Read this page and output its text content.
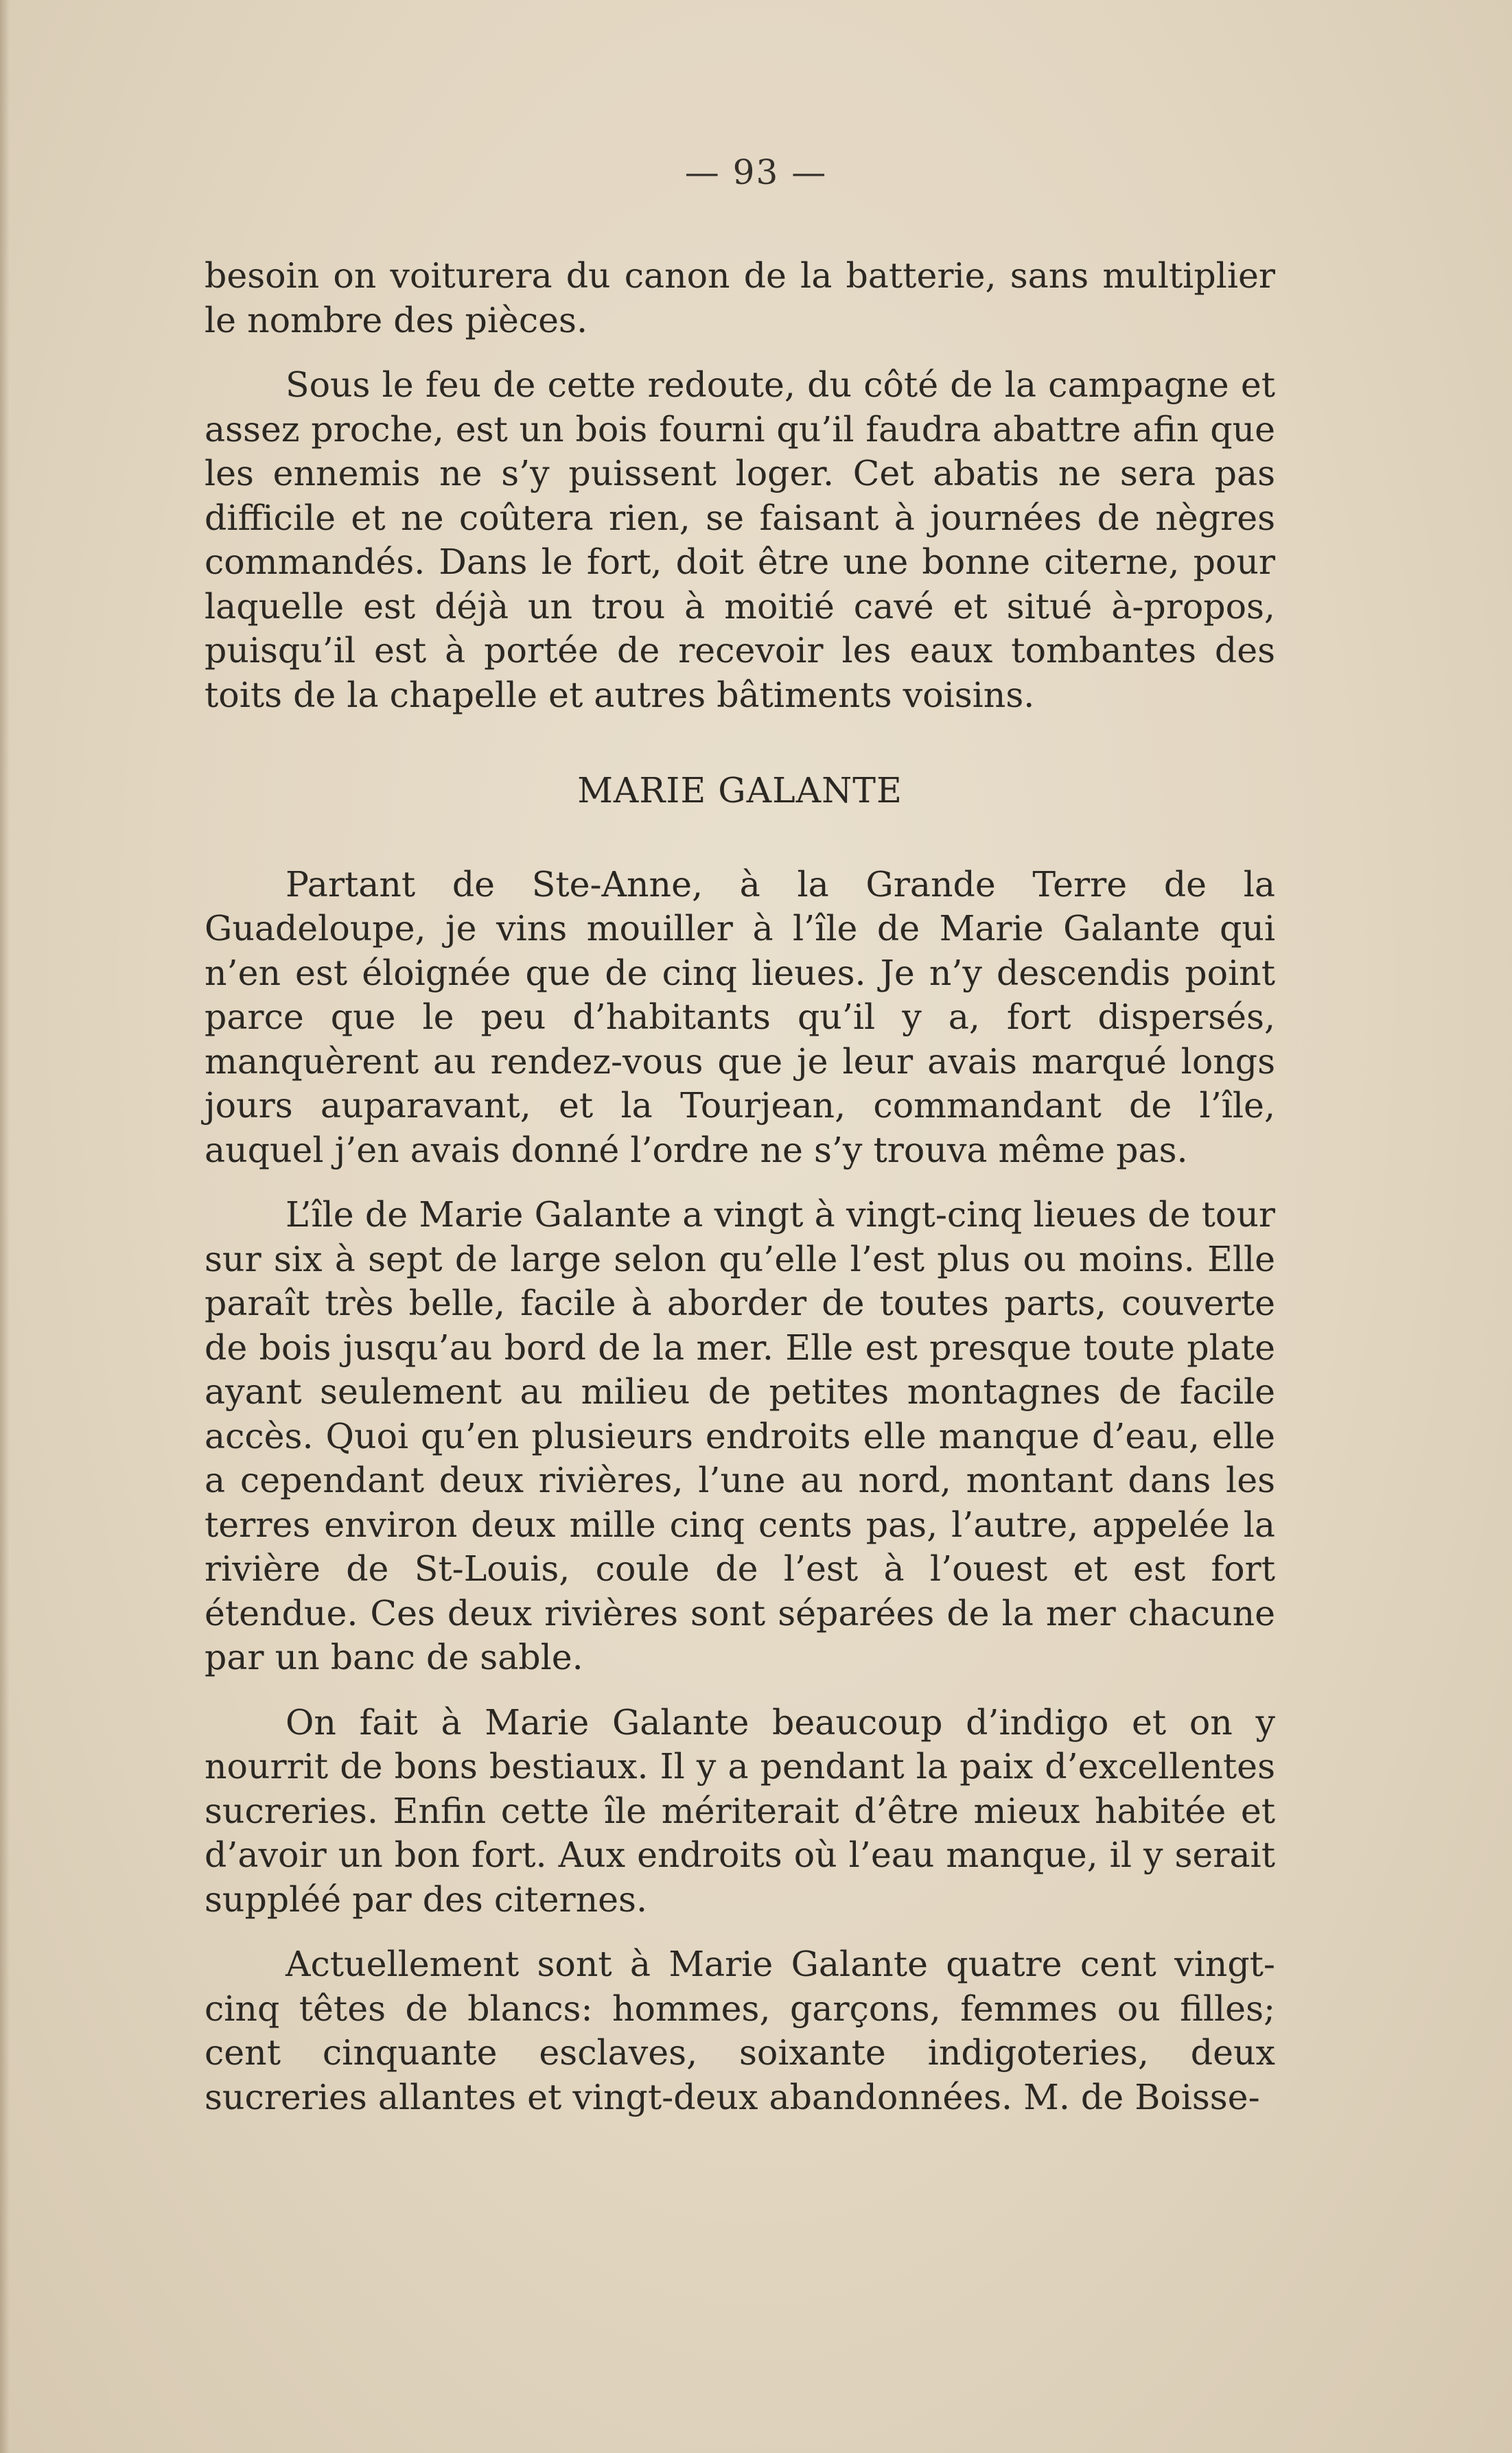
— 93 —

besoin on voiturera du canon de la batterie, sans multiplier le nombre des pièces.

Sous le feu de cette redoute, du côté de la campagne et assez proche, est un bois fourni qu’il faudra abattre afin que les ennemis ne s’y puissent loger. Cet abatis ne sera pas difficile et ne coûtera rien, se faisant à journées de nègres commandés. Dans le fort, doit être une bonne citerne, pour laquelle est déjà un trou à moitié cavé et situé à-propos, puisqu’il est à portée de recevoir les eaux tombantes des toits de la chapelle et autres bâtiments voisins.

MARIE GALANTE

Partant de Ste-Anne, à la Grande Terre de la Guadeloupe, je vins mouiller à l’île de Marie Galante qui n’en est éloignée que de cinq lieues. Je n’y descendis point parce que le peu d’habitants qu’il y a, fort dispersés, manquèrent au rendez-vous que je leur avais marqué longs jours auparavant, et la Tourjean, commandant de l’île, auquel j’en avais donné l’ordre ne s’y trouva même pas.

L’île de Marie Galante a vingt à vingt-cinq lieues de tour sur six à sept de large selon qu’elle l’est plus ou moins. Elle paraît très belle, facile à aborder de toutes parts, couverte de bois jusqu’au bord de la mer. Elle est presque toute plate ayant seulement au milieu de petites montagnes de facile accès. Quoi qu’en plusieurs endroits elle manque d’eau, elle a cependant deux rivières, l’une au nord, montant dans les terres environ deux mille cinq cents pas, l’autre, appelée la rivière de St-Louis, coule de l’est à l’ouest et est fort étendue. Ces deux rivières sont séparées de la mer chacune par un banc de sable.

On fait à Marie Galante beaucoup d’indigo et on y nourrit de bons bestiaux. Il y a pendant la paix d’excellentes sucreries. Enfin cette île mériterait d’être mieux habitée et d’avoir un bon fort. Aux endroits où l’eau manque, il y serait suppléé par des citernes.

Actuellement sont à Marie Galante quatre cent vingt-cinq têtes de blancs: hommes, garçons, femmes ou filles; cent cinquante esclaves, soixante indigoteries, deux sucreries allantes et vingt-deux abandonnées. M. de Boisse-
